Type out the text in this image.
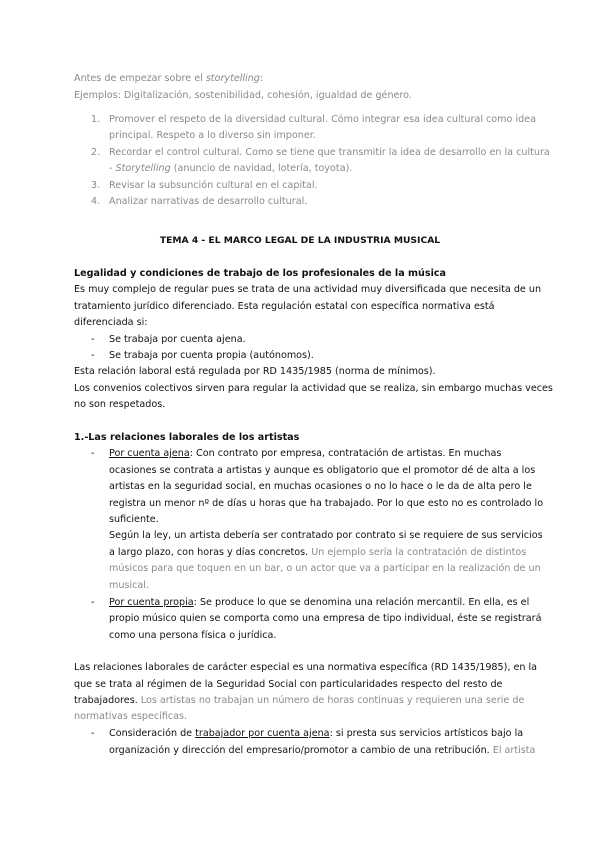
Antes de empezar sobre el storytelling:
Ejemplos: Digitalización, sostenibilidad, cohesión, igualdad de género.
1. Promover el respeto de la diversidad cultural. Cómo integrar esa idea cultural como idea
principal. Respeto a lo diverso sin imponer.
2. Recordar el control cultural. Como se tiene que transmitir la idea de desarrollo en la cultura
- Storytelling (anuncio de navidad, lotería, toyota).
3. Revisar la subsunción cultural en el capital.
4. Analizar narrativas de desarrollo cultural.
TEMA 4 - EL MARCO LEGAL DE LA INDUSTRIA MUSICAL
Legalidad y condiciones de trabajo de los profesionales de la música
Es muy complejo de regular pues se trata de una actividad muy diversificada que necesita de un
tratamiento jurídico diferenciado. Esta regulación estatal con específica normativa está
diferenciada si:
- Se trabaja por cuenta ajena.
- Se trabaja por cuenta propia (autónomos).
Esta relación laboral está regulada por RD 1435/1985 (norma de mínimos).
Los convenios colectivos sirven para regular la actividad que se realiza, sin embargo muchas veces
no son respetados.
1.-Las relaciones laborales de los artistas
- Por cuenta ajena: Con contrato por empresa, contratación de artistas. En muchas
ocasiones se contrata a artistas y aunque es obligatorio que el promotor dé de alta a los
artistas en la seguridad social, en muchas ocasiones o no lo hace o le da de alta pero le
registra un menor nº de días u horas que ha trabajado. Por lo que esto no es controlado lo
suficiente.
Según la ley, un artista debería ser contratado por contrato si se requiere de sus servicios
a largo plazo, con horas y días concretos. Un ejemplo sería la contratación de distintos
músicos para que toquen en un bar, o un actor que va a participar en la realización de un
musical.
- Por cuenta propia: Se produce lo que se denomina una relación mercantil. En ella, es el
propio músico quien se comporta como una empresa de tipo individual, éste se registrará
como una persona física o jurídica.
Las relaciones laborales de carácter especial es una normativa específica (RD 1435/1985), en la
que se trata al régimen de la Seguridad Social con particularidades respecto del resto de
trabajadores. Los artistas no trabajan un número de horas continuas y requieren una serie de
normativas específicas.
- Consideración de trabajador por cuenta ajena: si presta sus servicios artísticos bajo la
organización y dirección del empresario/promotor a cambio de una retribución. El artista
